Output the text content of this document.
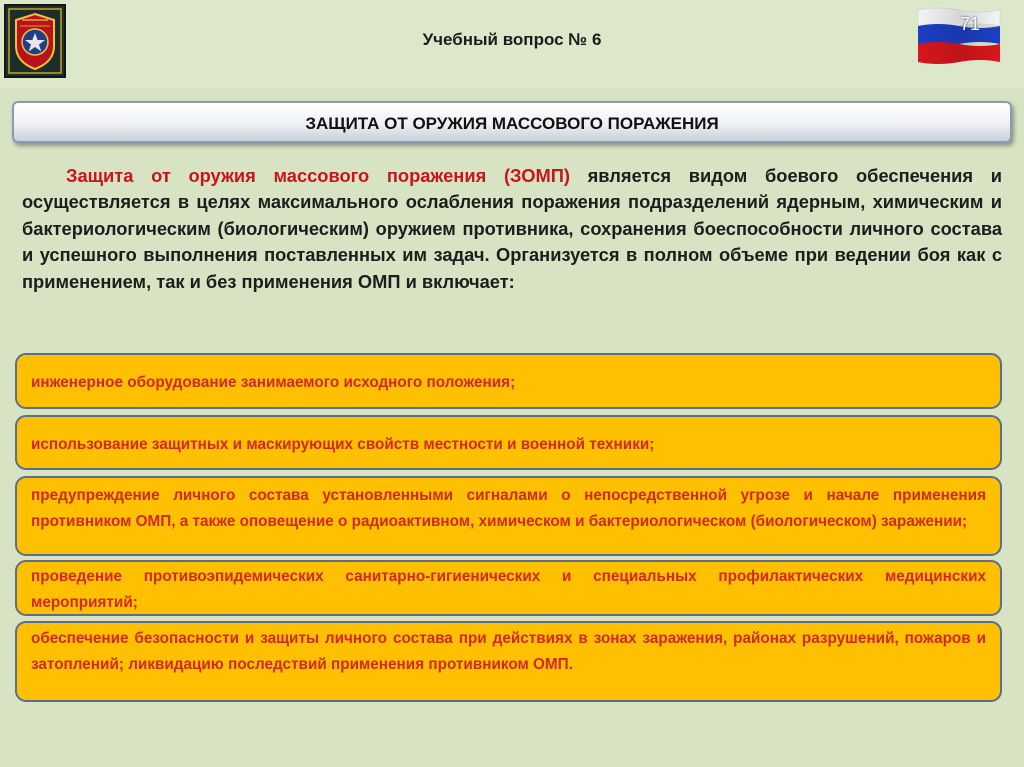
Учебный вопрос № 6
71
ЗАЩИТА ОТ ОРУЖИЯ МАССОВОГО ПОРАЖЕНИЯ

Защита от оружия массового поражения (ЗОМП) является видом боевого обеспечения и осуществляется в целях максимального ослабления поражения подразделений ядерным, химическим и бактериологическим (биологическим) оружием противника, сохранения боеспособности личного состава и успешного выполнения поставленных им задач. Организуется в полном объеме при ведении боя как с применением, так и без применения ОМП и включает:

инженерное оборудование занимаемого исходного положения;

использование защитных и маскирующих свойств местности и военной техники;

предупреждение личного состава установленными сигналами о непосредственной угрозе и начале применения противником ОМП, а также оповещение о радиоактивном, химическом и бактериологическом (биологическом) заражении;

проведение противоэпидемических санитарно-гигиенических и специальных профилактических медицинских мероприятий;

обеспечение безопасности и защиты личного состава при действиях в зонах заражения, районах разрушений, пожаров и затоплений; ликвидацию последствий применения противником ОМП.
